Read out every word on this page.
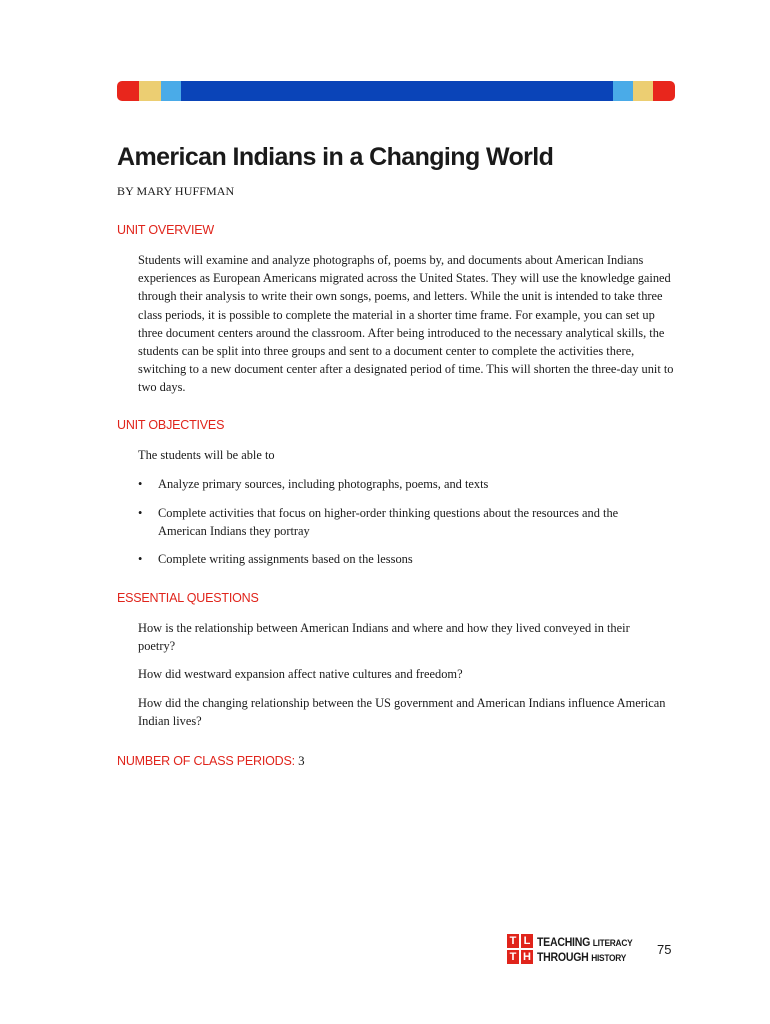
American Indians in a Changing World
BY MARY HUFFMAN
UNIT OVERVIEW

Students will examine and analyze photographs of, poems by, and documents about American Indians experiences as European Americans migrated across the United States. They will use the knowledge gained through their analysis to write their own songs, poems, and letters. While the unit is intended to take three class periods, it is possible to complete the material in a shorter time frame. For example, you can set up three document centers around the classroom. After being introduced to the necessary analytical skills, the students can be split into three groups and sent to a document center to complete the activities there, switching to a new document center after a designated period of time. This will shorten the three-day unit to two days.

UNIT OBJECTIVES

The students will be able to

• Analyze primary sources, including photographs, poems, and texts
• Complete activities that focus on higher-order thinking questions about the resources and the American Indians they portray
• Complete writing assignments based on the lessons
ESSENTIAL QUESTIONS

How is the relationship between American Indians and where and how they lived conveyed in their poetry?

How did westward expansion affect native cultures and freedom?

How did the changing relationship between the US government and American Indians influence American Indian lives?

NUMBER OF CLASS PERIODS: 3
T L
T H
TEACHING LITERACY
THROUGH HISTORY
75
